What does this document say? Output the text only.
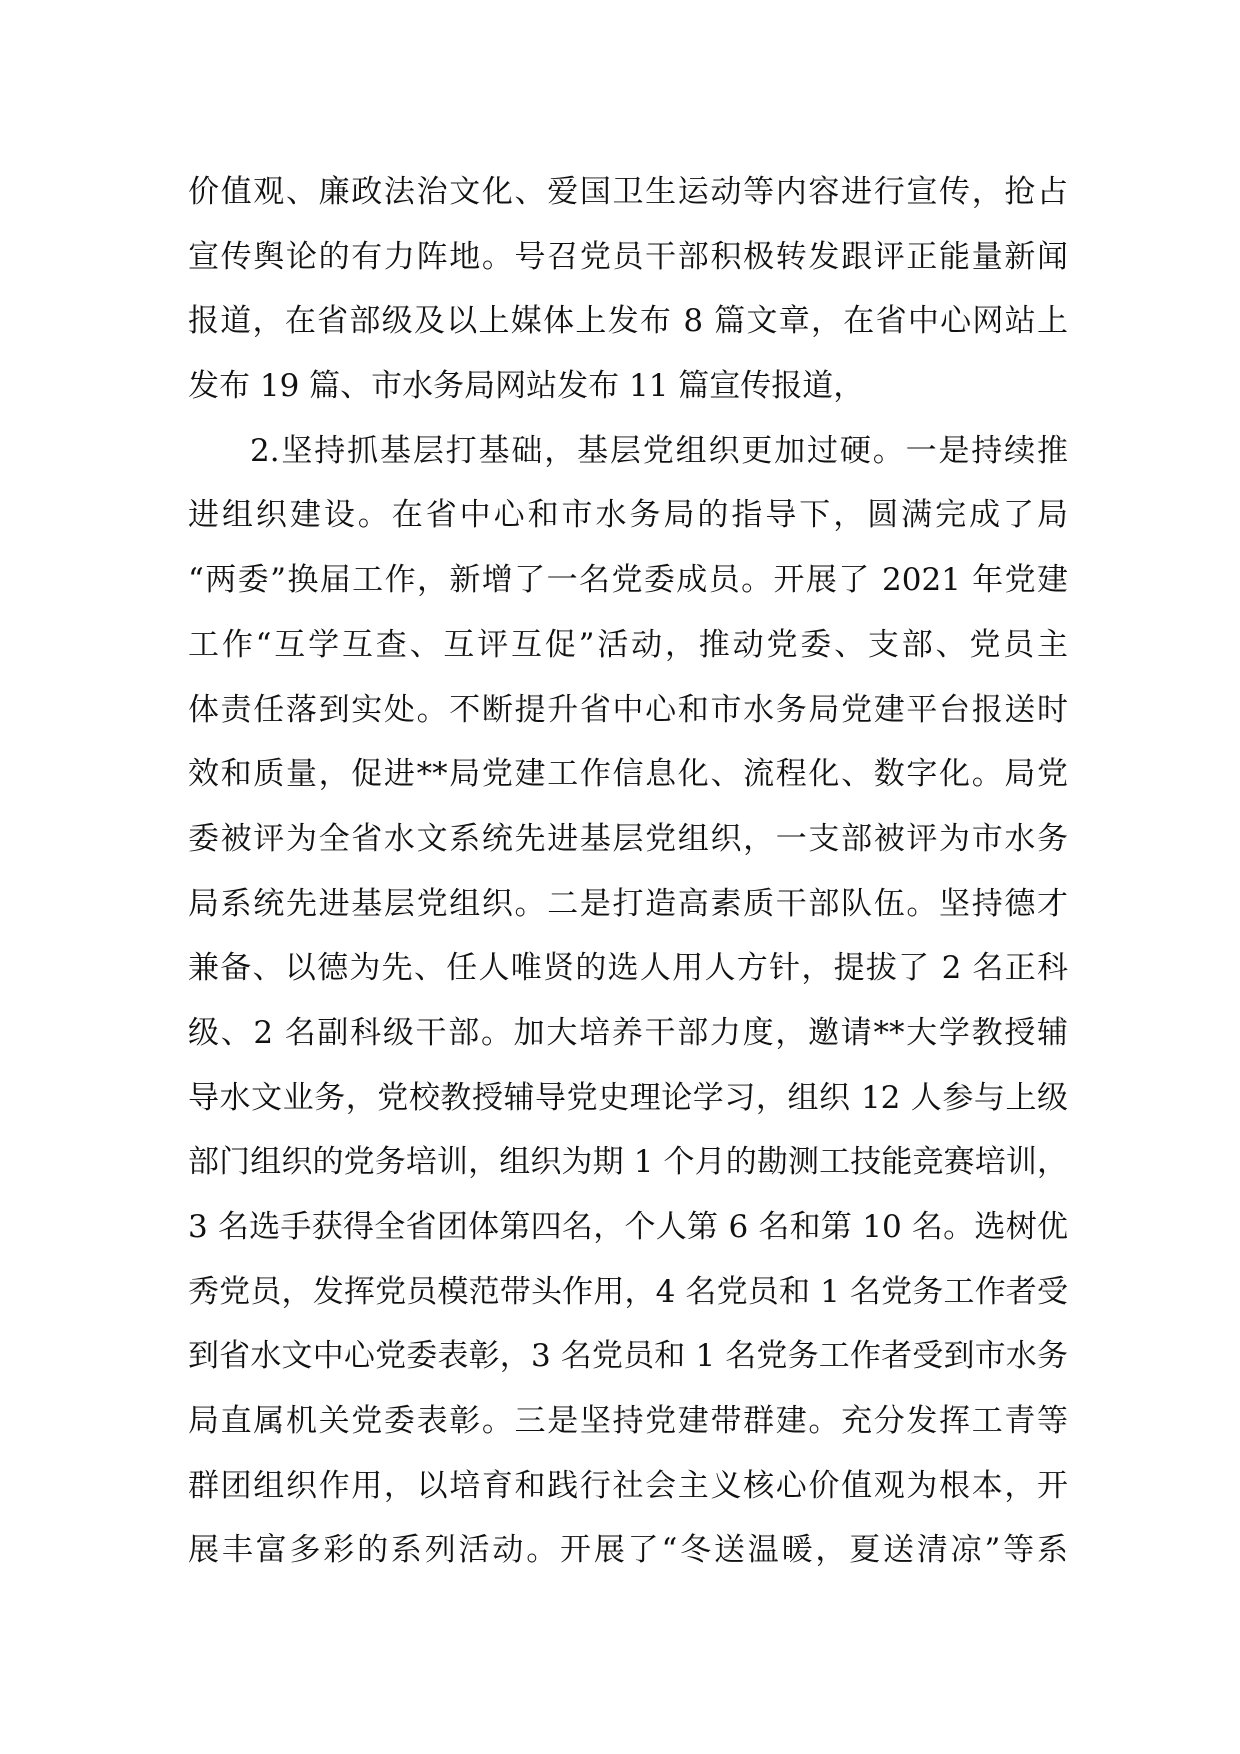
价值观、廉政法治文化、爱国卫生运动等内容进行宣传，抢占
宣传舆论的有力阵地。号召党员干部积极转发跟评正能量新闻
报道，在省部级及以上媒体上发布 8 篇文章，在省中心网站上
发布 19 篇、市水务局网站发布 11 篇宣传报道，
2.坚持抓基层打基础，基层党组织更加过硬。一是持续推
进组织建设。在省中心和市水务局的指导下，圆满完成了局
“两委”换届工作，新增了一名党委成员。开展了 2021 年党建
工作“互学互查、互评互促”活动，推动党委、支部、党员主
体责任落到实处。不断提升省中心和市水务局党建平台报送时
效和质量，促进**局党建工作信息化、流程化、数字化。局党
委被评为全省水文系统先进基层党组织，一支部被评为市水务
局系统先进基层党组织。二是打造高素质干部队伍。坚持德才
兼备、以德为先、任人唯贤的选人用人方针，提拔了 2 名正科
级、2 名副科级干部。加大培养干部力度，邀请**大学教授辅
导水文业务，党校教授辅导党史理论学习，组织 12 人参与上级
部门组织的党务培训，组织为期 1 个月的勘测工技能竞赛培训，
3 名选手获得全省团体第四名，个人第 6 名和第 10 名。选树优
秀党员，发挥党员模范带头作用，4 名党员和 1 名党务工作者受
到省水文中心党委表彰，3 名党员和 1 名党务工作者受到市水务
局直属机关党委表彰。三是坚持党建带群建。充分发挥工青等
群团组织作用，以培育和践行社会主义核心价值观为根本，开
展丰富多彩的系列活动。开展了“冬送温暖，夏送清凉”等系
